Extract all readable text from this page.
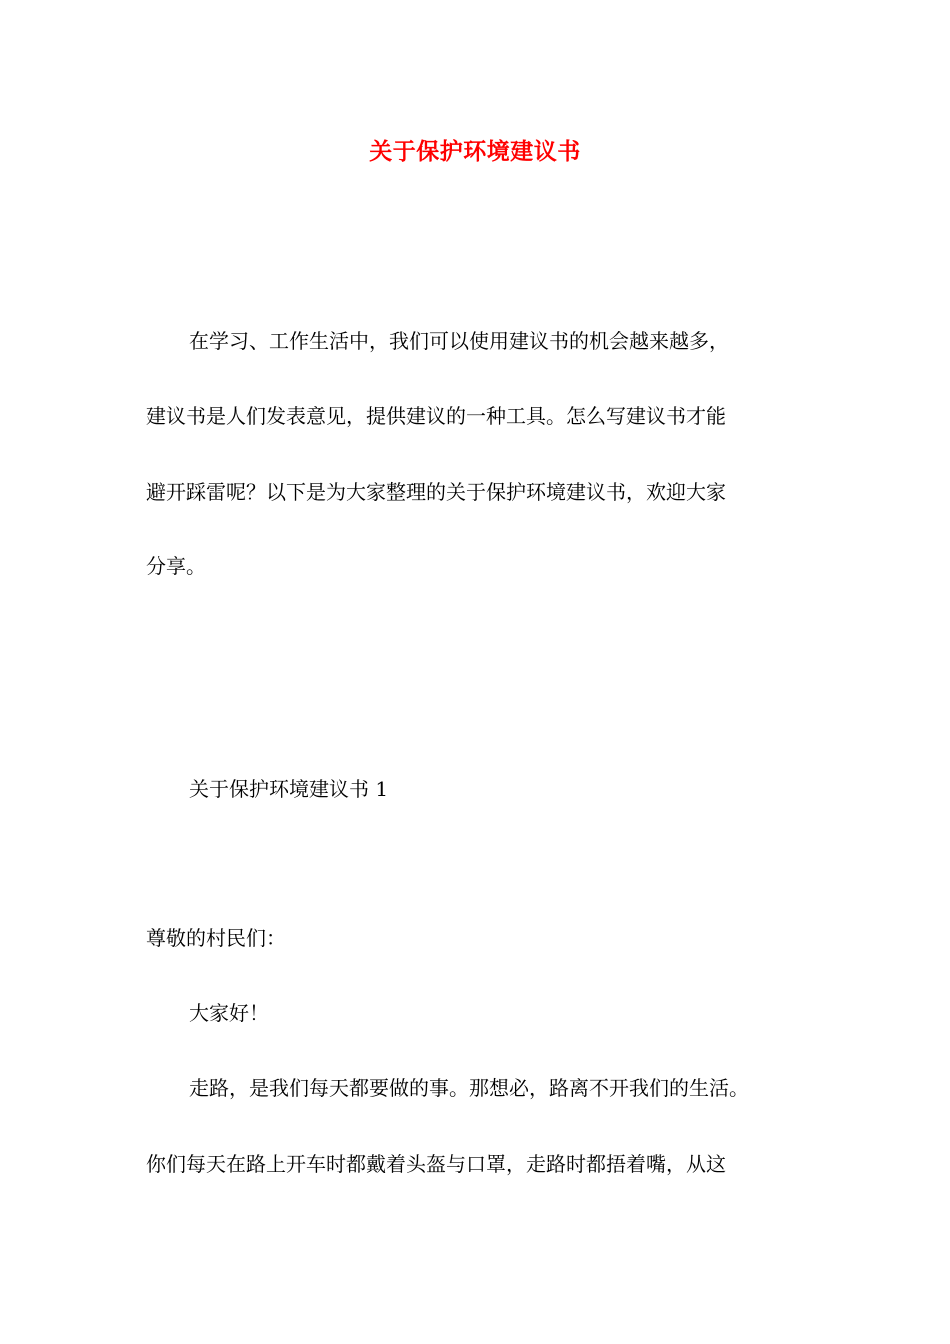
关于保护环境建议书
在学习、工作生活中，我们可以使用建议书的机会越来越多，
建议书是人们发表意见，提供建议的一种工具。怎么写建议书才能
避开踩雷呢？以下是为大家整理的关于保护环境建议书，欢迎大家
分享。
关于保护环境建议书 1
尊敬的村民们：
大家好！
走路，是我们每天都要做的事。那想必，路离不开我们的生活。
你们每天在路上开车时都戴着头盔与口罩，走路时都捂着嘴，从这
